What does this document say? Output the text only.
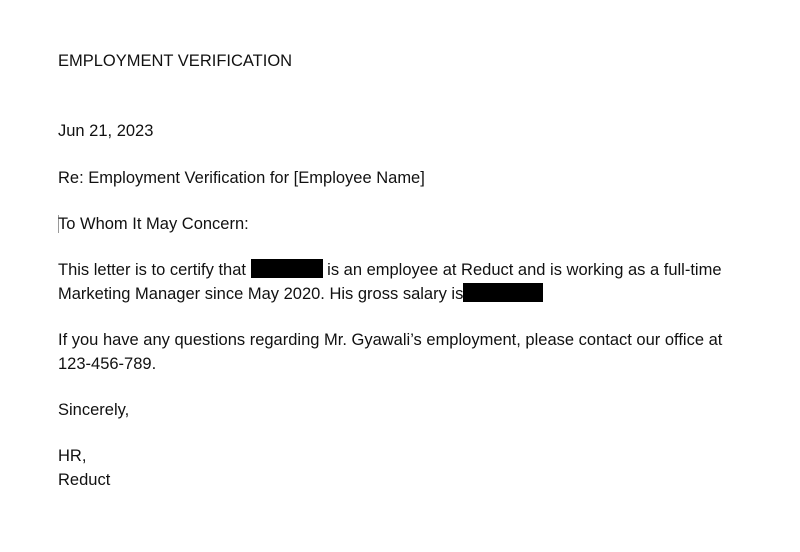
EMPLOYMENT VERIFICATION
Jun 21, 2023
Re: Employment Verification for [Employee Name]
To Whom It May Concern:
This letter is to certify that	is an employee at Reduct and is working as a full-time
Marketing Manager since May 2020. His gross salary is
If you have any questions regarding Mr. Gyawali’s employment, please contact our office at
123-456-789.
Sincerely,
HR,
Reduct
